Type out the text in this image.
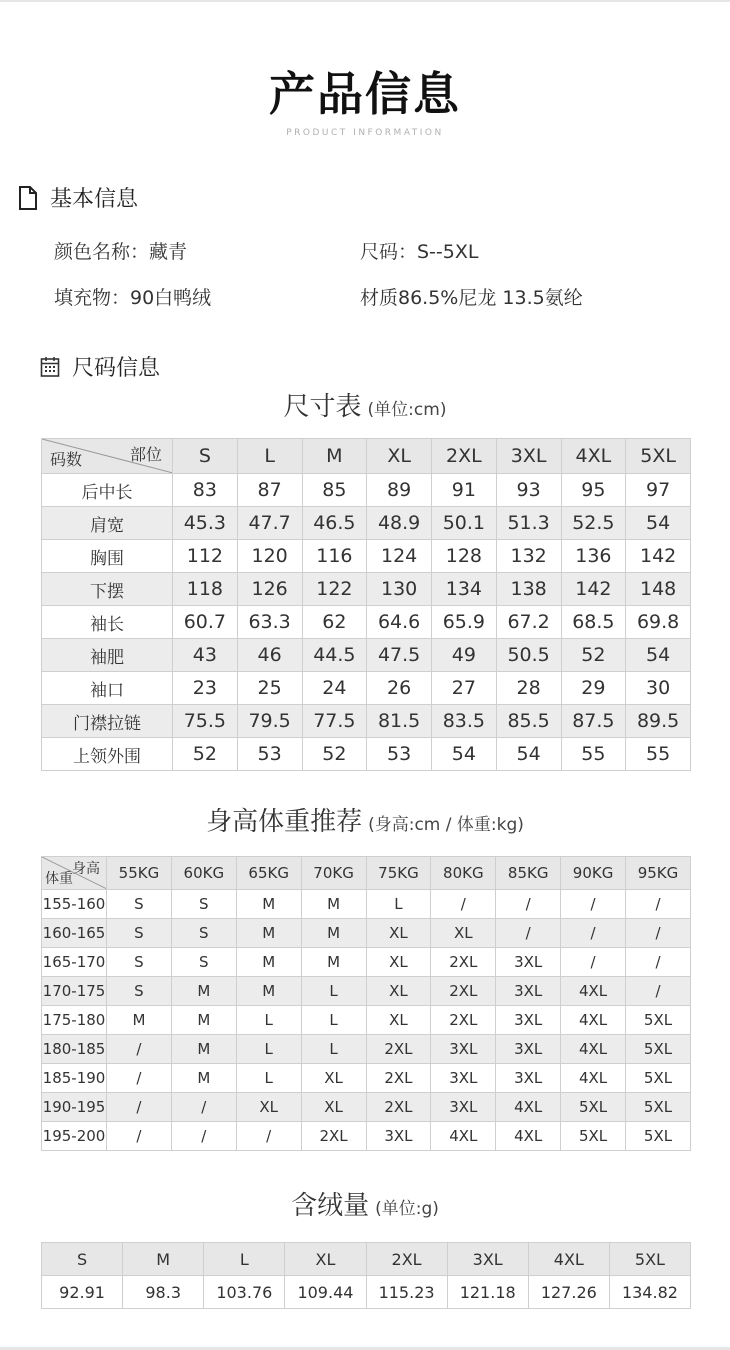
产品信息
PRODUCT INFORMATION
基本信息
颜色名称：藏青	尺码：S--5XL
填充物：90白鸭绒	材质86.5%尼龙 13.5氨纶
尺码信息
尺寸表 (单位:cm)
部位
码数	S	L	M	XL	2XL	3XL	4XL	5XL
后中长	83	87	85	89	91	93	95	97
肩宽	45.3	47.7	46.5	48.9	50.1	51.3	52.5	54
胸围	112	120	116	124	128	132	136	142
下摆	118	126	122	130	134	138	142	148
袖长	60.7	63.3	62	64.6	65.9	67.2	68.5	69.8
袖肥	43	46	44.5	47.5	49	50.5	52	54
袖口	23	25	24	26	27	28	29	30
门襟拉链	75.5	79.5	77.5	81.5	83.5	85.5	87.5	89.5
上领外围	52	53	52	53	54	54	55	55
身高体重推荐 (身高:cm / 体重:kg)
身高
体重	55KG	60KG	65KG	70KG	75KG	80KG	85KG	90KG	95KG
155-160	S	S	M	M	L	/	/	/	/
160-165	S	S	M	M	XL	XL	/	/	/
165-170	S	S	M	M	XL	2XL	3XL	/	/
170-175	S	M	M	L	XL	2XL	3XL	4XL	/
175-180	M	M	L	L	XL	2XL	3XL	4XL	5XL
180-185	/	M	L	L	2XL	3XL	3XL	4XL	5XL
185-190	/	M	L	XL	2XL	3XL	3XL	4XL	5XL
190-195	/	/	XL	XL	2XL	3XL	4XL	5XL	5XL
195-200	/	/	/	2XL	3XL	4XL	4XL	5XL	5XL
含绒量 (单位:g)
S	M	L	XL	2XL	3XL	4XL	5XL
92.91	98.3	103.76	109.44	115.23	121.18	127.26	134.82
